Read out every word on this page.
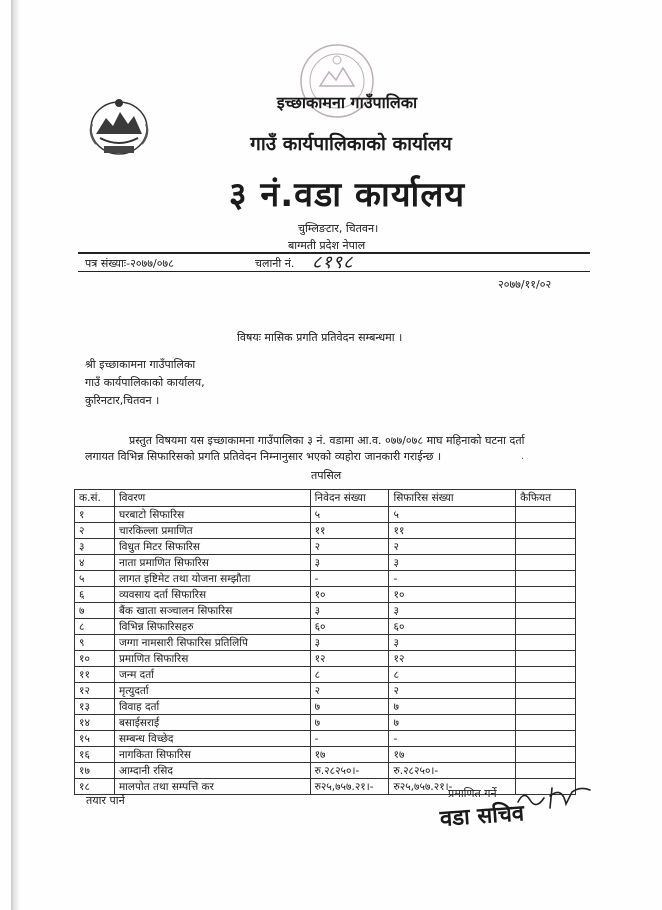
इच्छाकामना गाउँपालिका
गाउँ कार्यपालिकाको कार्यालय
३ नं.वडा कार्यालय
चुम्लिङटार, चितवन।
बाग्मती प्रदेश नेपाल
पत्र संख्याः-२०७७/०७८	चलानी नं. ८१९८
२०७७/११/०२
विषयः मासिक प्रगति प्रतिवेदन सम्बन्धमा ।
श्री इच्छाकामना गाउँपालिका
गाउँ कार्यपालिकाको कार्यालय,
कुरिनटार,चितवन ।
प्रस्तुत विषयमा यस इच्छाकामना गाउँपालिका ३ नं. वडामा आ.व. ०७७/०७८ माघ महिनाको घटना दर्ता
लगायत विभिन्न सिफारिसको प्रगति प्रतिवेदन निम्नानुसार भएको व्यहोरा जानकारी गराईन्छ ।	.
तपसिल
क.सं.	विवरण	निवेदन संख्या	सिफारिस संख्या	कैफियत
१	घरबाटो सिफारिस	५	५	
२	चारकिल्ला प्रमाणित	११	११	
३	विधुत मिटर सिफारिस	२	२	
४	नाता प्रमाणित सिफारिस	३	३	
५	लागत इष्टिमेट तथा योजना सम्झौता	-	-	
६	व्यवसाय दर्ता सिफारिस	१०	१०	
७	बैंक खाता सञ्चालन सिफारिस	३	३	
८	विभिन्न सिफारिसहरु	६०	६०	
९	जग्गा नामसारी सिफारिस प्रतिलिपि	३	३	
१०	प्रमाणित सिफारिस	१२	१२	
११	जन्म दर्ता	८	८	
१२	मृत्युदर्ता	२	२	
१३	विवाह दर्ता	७	७	
१४	बसाईसराई	७	७	
१५	सम्बन्ध विच्छेद	-	-	
१६	नागकिता सिफारिस	१७	१७	
१७	आम्दानी रसिद	रु.२८२५०।-	रु.२८२५०।-	
१८	मालपोत तथा सम्पत्ति कर	रु२५,७५७.२१।-	रु२५,७५७.२१।-	
तयार पार्ने
प्रमाणित गर्ने
वडा सचिव
